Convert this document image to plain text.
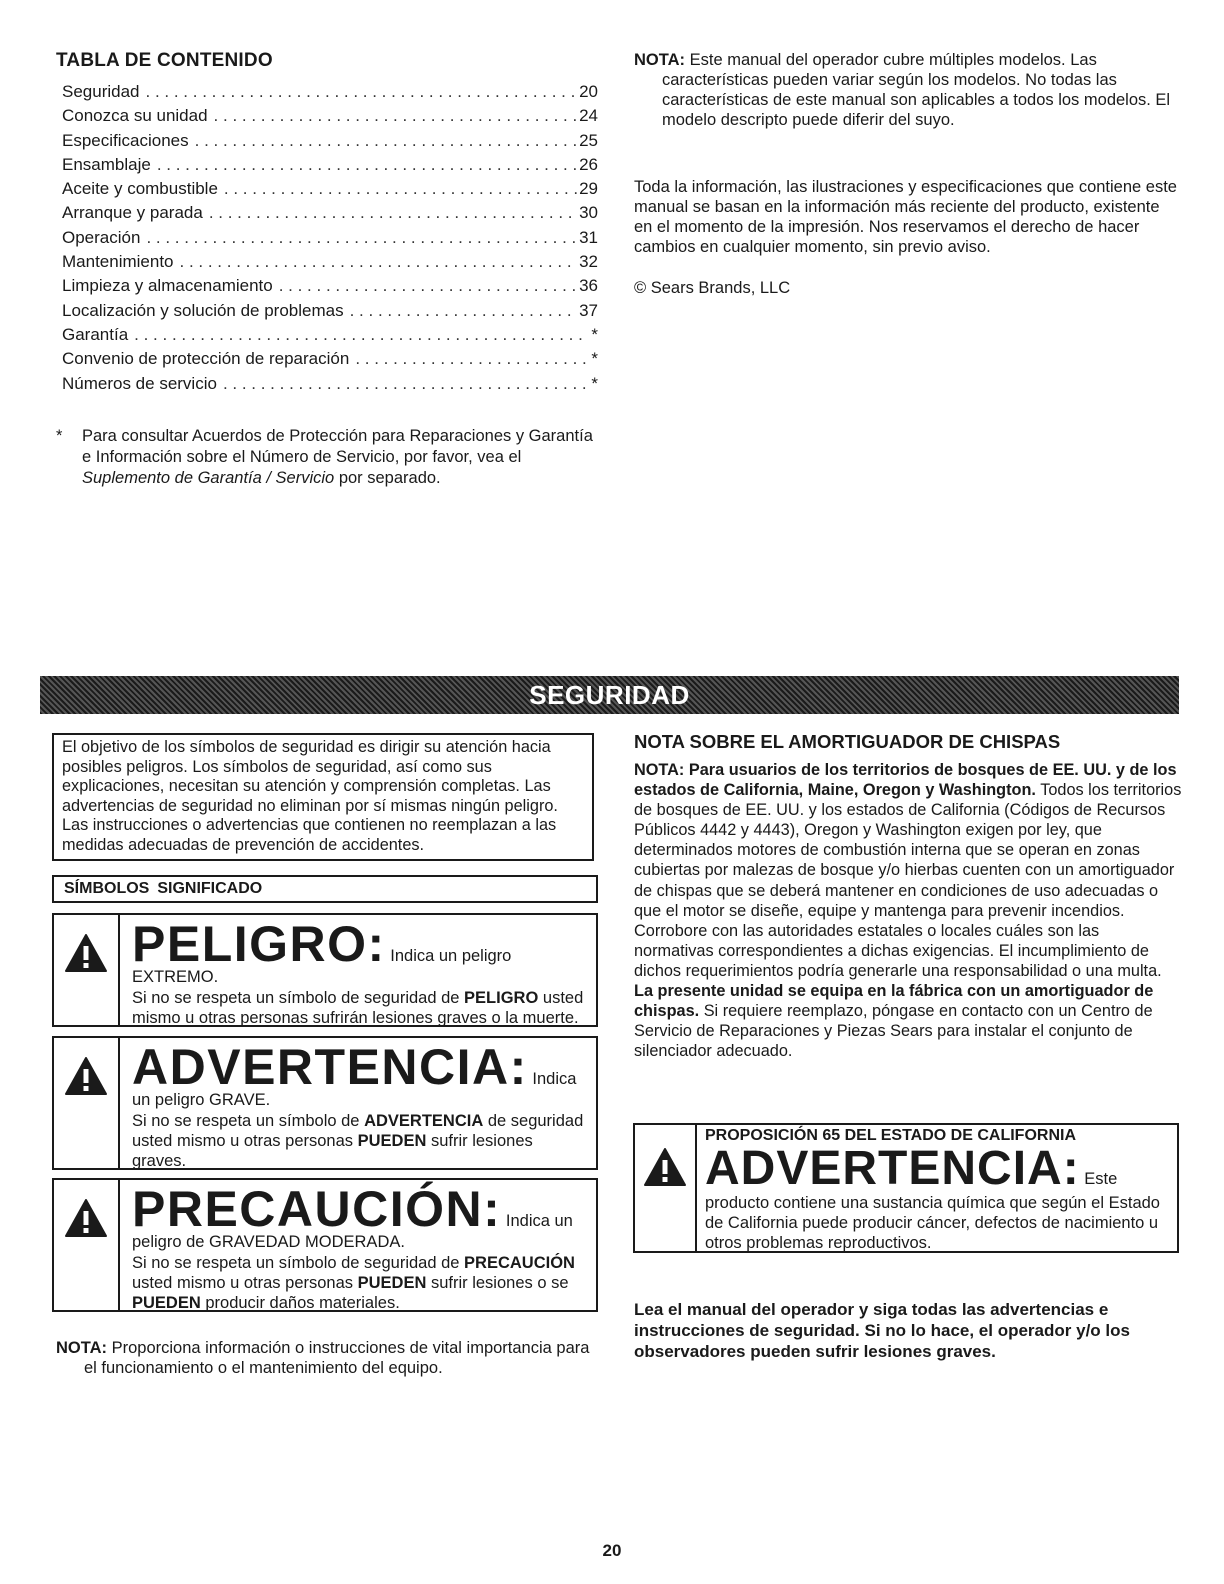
TABLA DE CONTENIDO
Seguridad . . .	20
Conozca su unidad . . .	24
Especificaciones . . .	25
Ensamblaje . . .	26
Aceite y combustible . . .	29
Arranque y parada . . .	30
Operación . . .	31
Mantenimiento . . .	32
Limpieza y almacenamiento . . .	36
Localización y solución de problemas . . .	37
Garantía . . .	*
Convenio de protección de reparación . . .	*
Números de servicio . . .	*
* Para consultar Acuerdos de Protección para Reparaciones y Garantía e Información sobre el Número de Servicio, por favor, vea el Suplemento de Garantía / Servicio por separado.
NOTA: Este manual del operador cubre múltiples modelos. Las características pueden variar según los modelos. No todas las características de este manual son aplicables a todos los modelos. El modelo descripto puede diferir del suyo.
Toda la información, las ilustraciones y especificaciones que contiene este manual se basan en la información más reciente del producto, existente en el momento de la impresión. Nos reservamos el derecho de hacer cambios en cualquier momento, sin previo aviso.
© Sears Brands, LLC
SEGURIDAD
El objetivo de los símbolos de seguridad es dirigir su atención hacia posibles peligros. Los símbolos de seguridad, así como sus explicaciones, necesitan su atención y comprensión completas. Las advertencias de seguridad no eliminan por sí mismas ningún peligro. Las instrucciones o advertencias que contienen no reemplazan a las medidas adecuadas de prevención de accidentes.
SÍMBOLOS SIGNIFICADO
PELIGRO: Indica un peligro EXTREMO.
Si no se respeta un símbolo de seguridad de PELIGRO usted mismo u otras personas sufrirán lesiones graves o la muerte.
ADVERTENCIA: Indica un peligro GRAVE.
Si no se respeta un símbolo de ADVERTENCIA de seguridad usted mismo u otras personas PUEDEN sufrir lesiones graves.
PRECAUCIÓN: Indica un peligro de GRAVEDAD MODERADA.
Si no se respeta un símbolo de seguridad de PRECAUCIÓN usted mismo u otras personas PUEDEN sufrir lesiones o se PUEDEN producir daños materiales.
NOTA: Proporciona información o instrucciones de vital importancia para el funcionamiento o el mantenimiento del equipo.
NOTA SOBRE EL AMORTIGUADOR DE CHISPAS
NOTA: Para usuarios de los territorios de bosques de EE. UU. y de los estados de California, Maine, Oregon y Washington. Todos los territorios de bosques de EE. UU. y los estados de California (Códigos de Recursos Públicos 4442 y 4443), Oregon y Washington exigen por ley, que determinados motores de combustión interna que se operan en zonas cubiertas por malezas de bosque y/o hierbas cuenten con un amortiguador de chispas que se deberá mantener en condiciones de uso adecuadas o que el motor se diseñe, equipe y mantenga para prevenir incendios. Corrobore con las autoridades estatales o locales cuáles son las normativas correspondientes a dichas exigencias. El incumplimiento de dichos requerimientos podría generarle una responsabilidad o una multa. La presente unidad se equipa en la fábrica con un amortiguador de chispas. Si requiere reemplazo, póngase en contacto con un Centro de Servicio de Reparaciones y Piezas Sears para instalar el conjunto de silenciador adecuado.
PROPOSICIÓN 65 DEL ESTADO DE CALIFORNIA
ADVERTENCIA: Este producto contiene una sustancia química que según el Estado de California puede producir cáncer, defectos de nacimiento u otros problemas reproductivos.
Lea el manual del operador y siga todas las advertencias e instrucciones de seguridad. Si no lo hace, el operador y/o los observadores pueden sufrir lesiones graves.
20
